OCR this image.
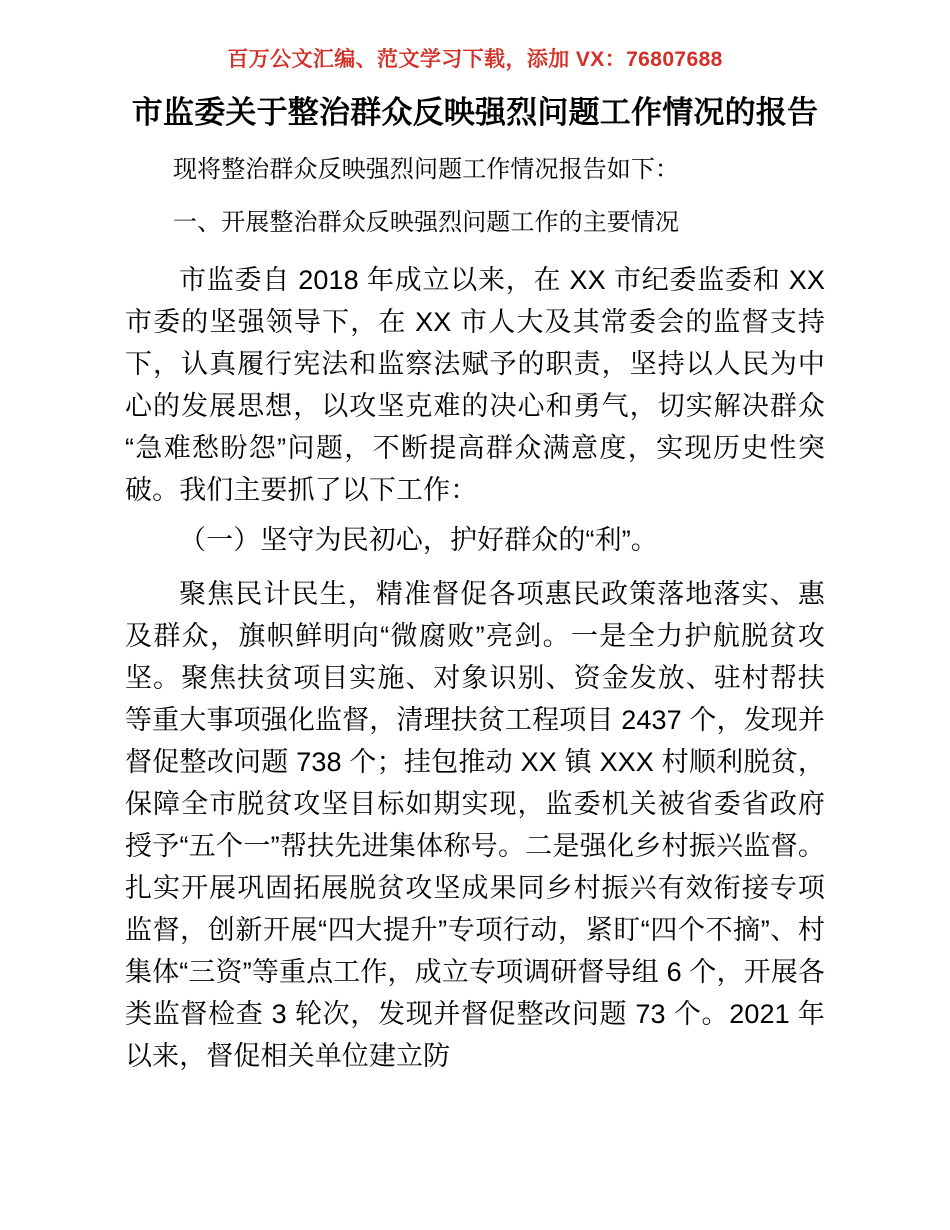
百万公文汇编、范文学习下载，添加 VX：76807688
市监委关于整治群众反映强烈问题工作情况的报告

现将整治群众反映强烈问题工作情况报告如下：

一、开展整治群众反映强烈问题工作的主要情况

市监委自 2018 年成立以来，在 XX 市纪委监委和 XX 市委的坚强领导下，在 XX 市人大及其常委会的监督支持下，认真履行宪法和监察法赋予的职责，坚持以人民为中心的发展思想，以攻坚克难的决心和勇气，切实解决群众“急难愁盼怨”问题，不断提高群众满意度，实现历史性突破。我们主要抓了以下工作：

（一）坚守为民初心，护好群众的“利”。

聚焦民计民生，精准督促各项惠民政策落地落实、惠及群众，旗帜鲜明向“微腐败”亮剑。一是全力护航脱贫攻坚。聚焦扶贫项目实施、对象识别、资金发放、驻村帮扶等重大事项强化监督，清理扶贫工程项目 2437 个，发现并督促整改问题 738 个；挂包推动 XX 镇 XXX 村顺利脱贫，保障全市脱贫攻坚目标如期实现，监委机关被省委省政府授予“五个一”帮扶先进集体称号。二是强化乡村振兴监督。扎实开展巩固拓展脱贫攻坚成果同乡村振兴有效衔接专项监督，创新开展“四大提升”专项行动，紧盯“四个不摘”、村集体“三资”等重点工作，成立专项调研督导组 6 个，开展各类监督检查 3 轮次，发现并督促整改问题 73 个。2021 年以来，督促相关单位建立防
